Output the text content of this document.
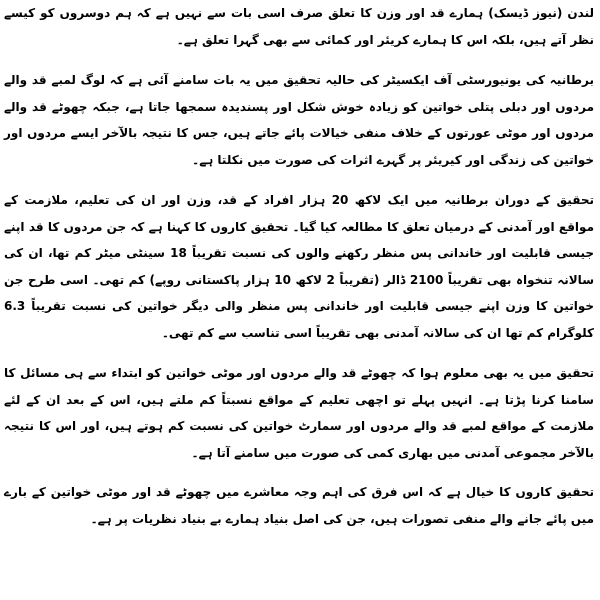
لندن (نیوز ڈیسک) ہمارے قد اور وزن کا تعلق صرف اسی بات سے نہیں ہے کہ ہم دوسروں کو کیسے نظر آتے ہیں، بلکہ اس کا ہمارے کریئر اور کمائی سے بھی گہرا تعلق ہے۔

برطانیہ کی یونیورسٹی آف ایکسیٹر کی حالیہ تحقیق میں یہ بات سامنے آئی ہے کہ لوگ لمبے قد والے مردوں اور دبلی پتلی خواتین کو زیادہ خوش شکل اور پسندیدہ سمجھا جاتا ہے، جبکہ چھوٹے قد والے مردوں اور موٹی عورتوں کے خلاف منفی خیالات پائے جاتے ہیں، جس کا نتیجہ بالآخر ایسے مردوں اور خواتین کی زندگی اور کیریئر پر گہرے اثرات کی صورت میں نکلتا ہے۔

تحقیق کے دوران برطانیہ میں ایک لاکھ 20 ہزار افراد کے قد، وزن اور ان کی تعلیم، ملازمت کے مواقع اور آمدنی کے درمیان تعلق کا مطالعہ کیا گیا۔ تحقیق کاروں کا کہنا ہے کہ جن مردوں کا قد اپنے جیسی قابلیت اور خاندانی پس منظر رکھنے والوں کی نسبت تقریباً 18 سینٹی میٹر کم تھا، ان کی سالانہ تنخواہ بھی تقریباً 2100 ڈالر (تقریباً 2 لاکھ 10 ہزار پاکستانی روپے) کم تھی۔ اسی طرح جن خواتین کا وزن اپنے جیسی قابلیت اور خاندانی پس منظر والی دیگر خواتین کی نسبت تقریباً 6.3 کلوگرام کم تھا ان کی سالانہ آمدنی بھی تقریباً اسی تناسب سے کم تھی۔

تحقیق میں یہ بھی معلوم ہوا کہ چھوٹے قد والے مردوں اور موٹی خواتین کو ابتداء سے ہی مسائل کا سامنا کرنا پڑتا ہے۔ انہیں پہلے تو اچھی تعلیم کے مواقع نسبتاً کم ملتے ہیں، اس کے بعد ان کے لئے ملازمت کے مواقع لمبے قد والے مردوں اور سمارٹ خواتین کی نسبت کم ہوتے ہیں، اور اس کا نتیجہ بالآخر مجموعی آمدنی میں بھاری کمی کی صورت میں سامنے آتا ہے۔

تحقیق کاروں کا خیال ہے کہ اس فرق کی اہم وجہ معاشرے میں چھوٹے قد اور موٹی خواتین کے بارے میں پائے جانے والے منفی تصورات ہیں، جن کی اصل بنیاد ہمارے بے بنیاد نظریات پر ہے۔
